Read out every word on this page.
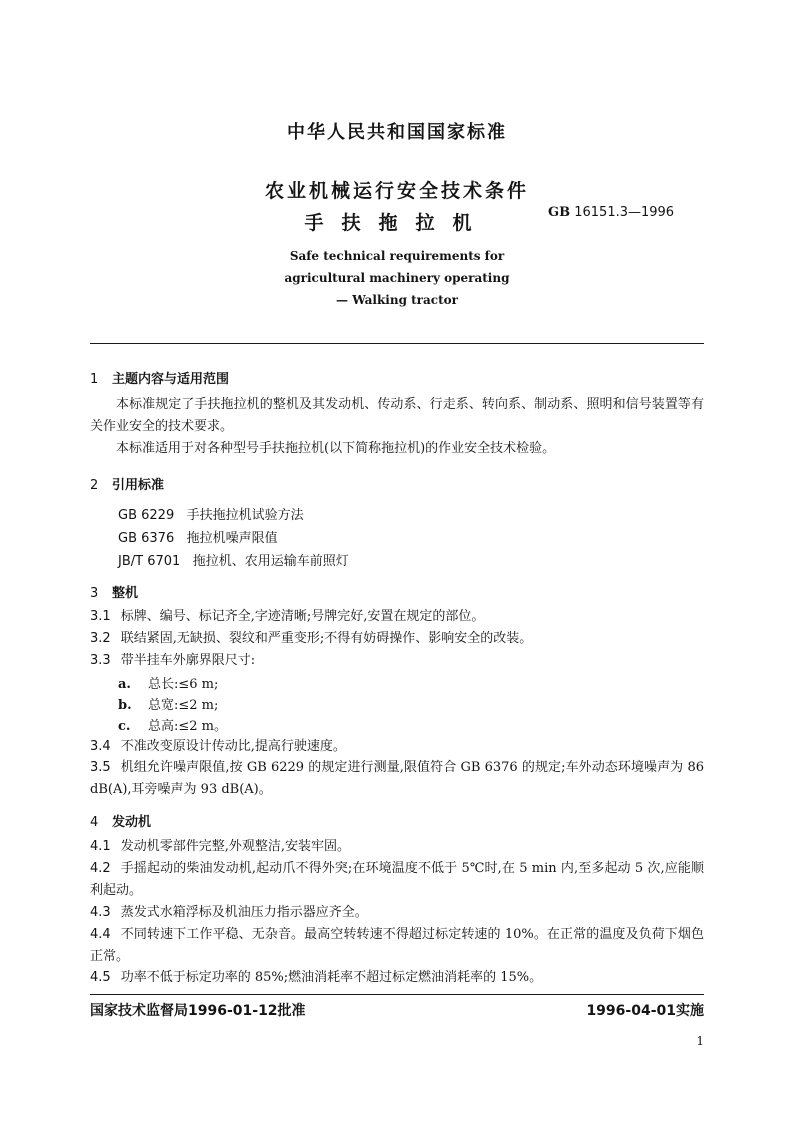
中华人民共和国国家标准
农业机械运行安全技术条件
手扶拖拉机	GB 16151.3—1996
Safe technical requirements for
agricultural machinery operating
— Walking tractor
1 主题内容与适用范围
本标准规定了手扶拖拉机的整机及其发动机、传动系、行走系、转向系、制动系、照明和信号装置等有关作业安全的技术要求。
本标准适用于对各种型号手扶拖拉机(以下简称拖拉机)的作业安全技术检验。
2 引用标准
GB 6229 手扶拖拉机试验方法
GB 6376 拖拉机噪声限值
JB/T 6701 拖拉机、农用运输车前照灯
3 整机
3.1 标牌、编号、标记齐全,字迹清晰;号牌完好,安置在规定的部位。
3.2 联结紧固,无缺损、裂纹和严重变形;不得有妨碍操作、影响安全的改装。
3.3 带半挂车外廓界限尺寸:
a. 总长:≤6 m;
b. 总宽:≤2 m;
c. 总高:≤2 m。
3.4 不准改变原设计传动比,提高行驶速度。
3.5 机组允许噪声限值,按 GB 6229 的规定进行测量,限值符合 GB 6376 的规定;车外动态环境噪声为 86 dB(A),耳旁噪声为 93 dB(A)。
4 发动机
4.1 发动机零部件完整,外观整洁,安装牢固。
4.2 手摇起动的柴油发动机,起动爪不得外突;在环境温度不低于 5℃时,在 5 min 内,至多起动 5 次,应能顺利起动。
4.3 蒸发式水箱浮标及机油压力指示器应齐全。
4.4 不同转速下工作平稳、无杂音。最高空转转速不得超过标定转速的 10%。在正常的温度及负荷下烟色正常。
4.5 功率不低于标定功率的 85%;燃油消耗率不超过标定燃油消耗率的 15%。
国家技术监督局1996-01-12批准	1996-04-01实施
1
